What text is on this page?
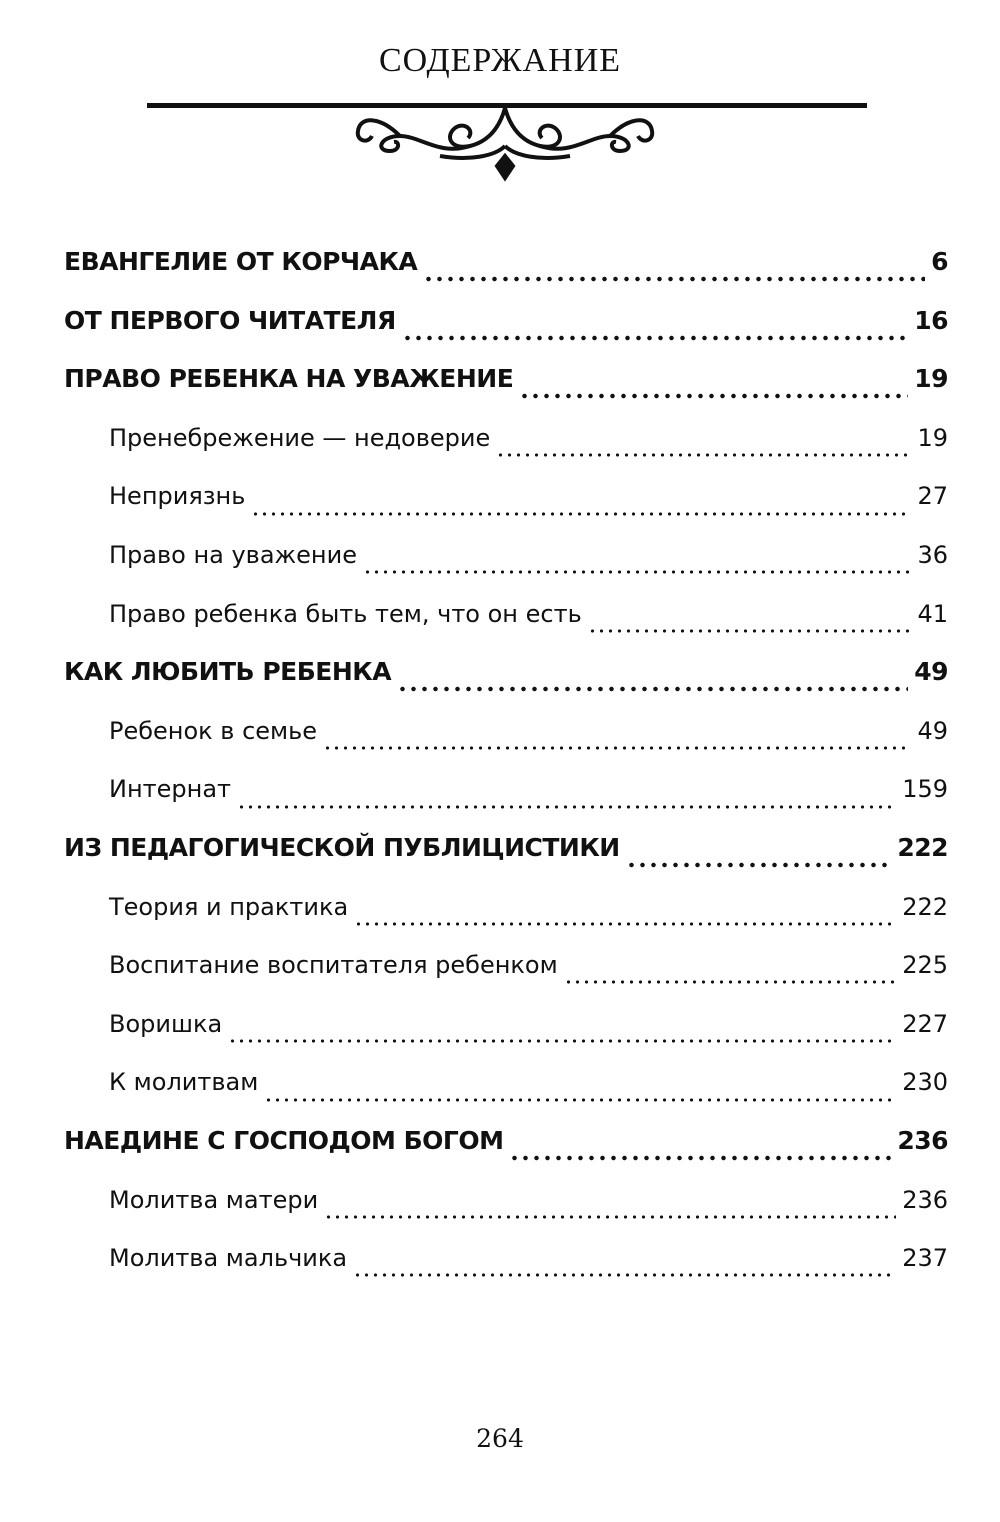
СОДЕРЖАНИЕ
ЕВАНГЕЛИЕ ОТ КОРЧАКА	6
ОТ ПЕРВОГО ЧИТАТЕЛЯ	16
ПРАВО РЕБЕНКА НА УВАЖЕНИЕ	19
Пренебрежение — недоверие	19
Неприязнь	27
Право на уважение	36
Право ребенка быть тем, что он есть	41
КАК ЛЮБИТЬ РЕБЕНКА	49
Ребенок в семье	49
Интернат	159
ИЗ ПЕДАГОГИЧЕСКОЙ ПУБЛИЦИСТИКИ	222
Теория и практика	222
Воспитание воспитателя ребенком	225
Воришка	227
К молитвам	230
НАЕДИНЕ С ГОСПОДОМ БОГОМ	236
Молитва матери	236
Молитва мальчика	237
264
